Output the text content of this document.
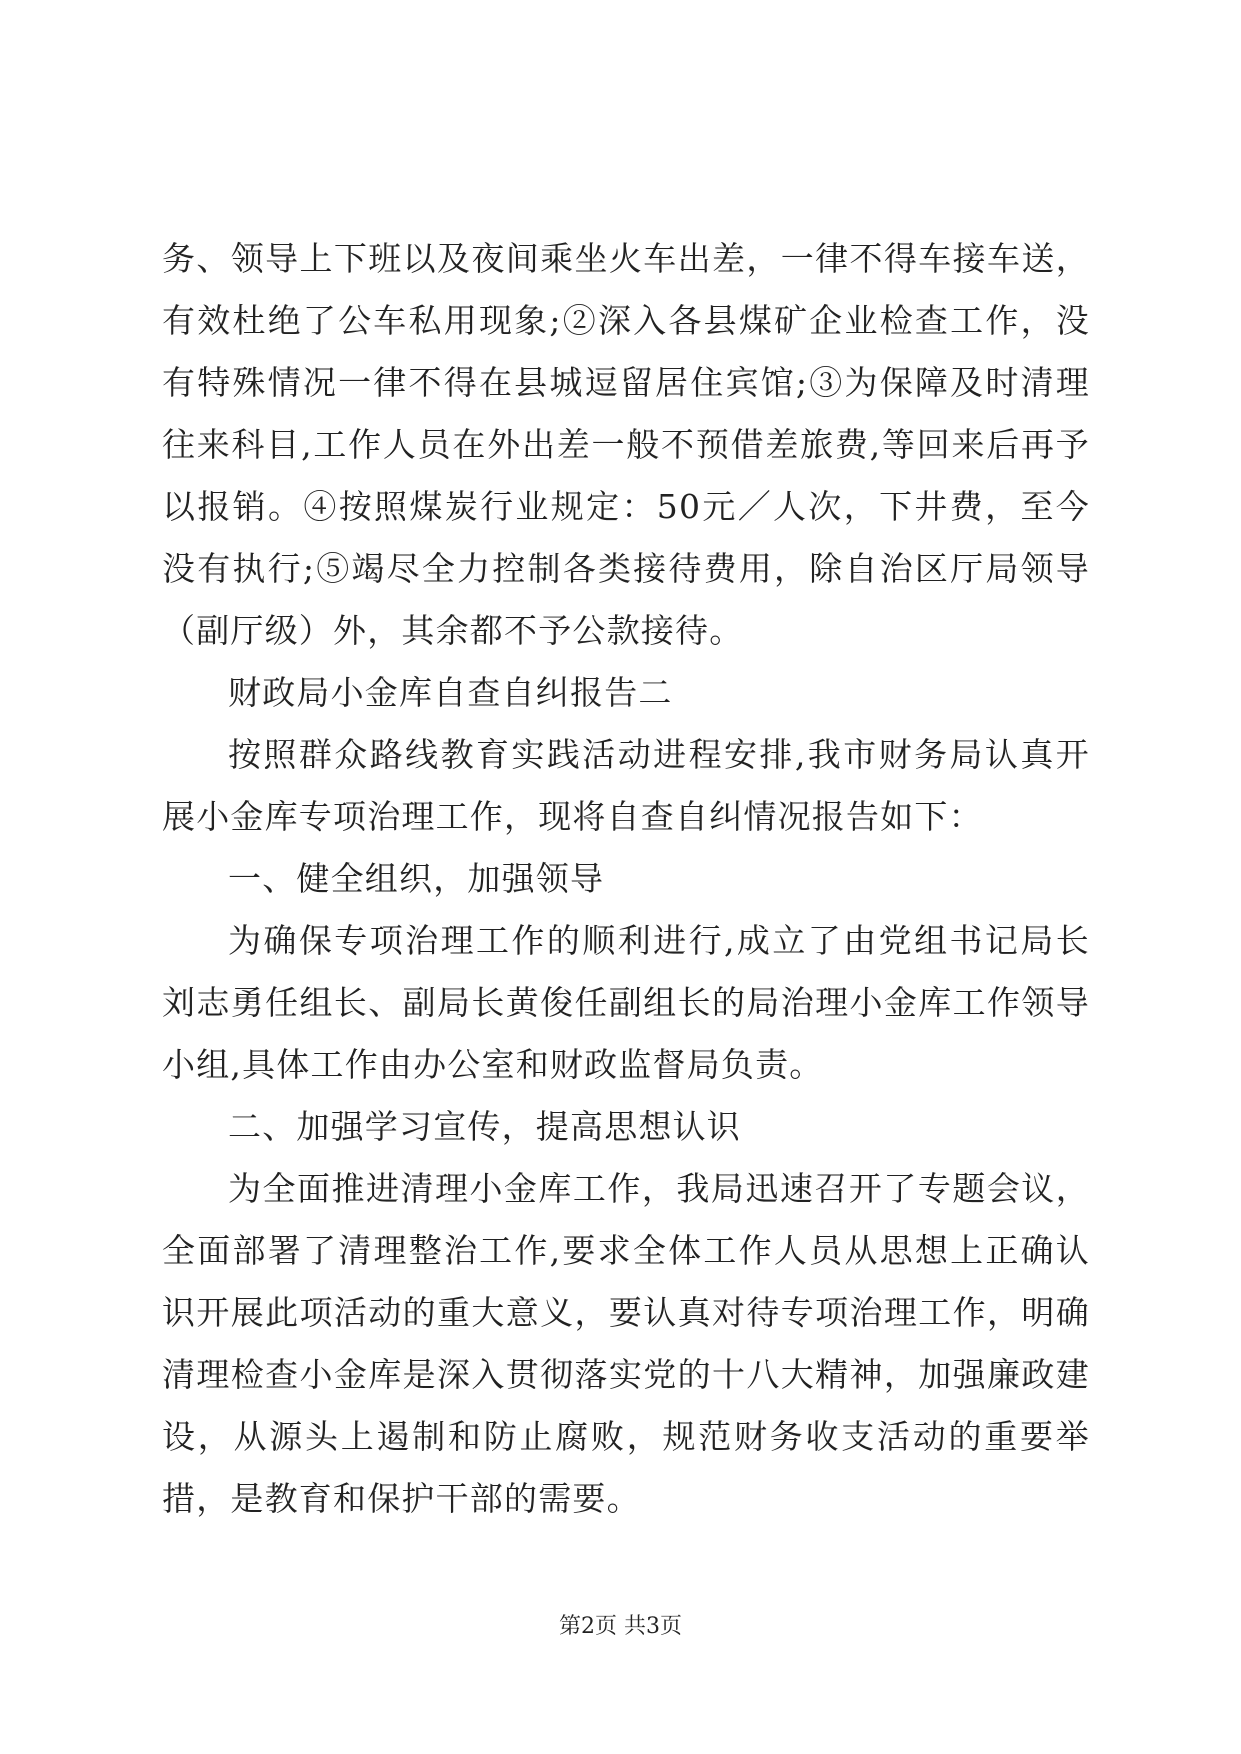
务、领导上下班以及夜间乘坐火车出差，一律不得车接车送，有效杜绝了公车私用现象;②深入各县煤矿企业检查工作，没有特殊情况一律不得在县城逗留居住宾馆;③为保障及时清理往来科目,工作人员在外出差一般不预借差旅费,等回来后再予以报销。④按照煤炭行业规定：50元／人次，下井费，至今没有执行;⑤竭尽全力控制各类接待费用，除自治区厅局领导（副厅级）外，其余都不予公款接待。

财政局小金库自查自纠报告二

按照群众路线教育实践活动进程安排,我市财务局认真开展小金库专项治理工作，现将自查自纠情况报告如下：

一、健全组织，加强领导

为确保专项治理工作的顺利进行,成立了由党组书记局长刘志勇任组长、副局长黄俊任副组长的局治理小金库工作领导小组,具体工作由办公室和财政监督局负责。

二、加强学习宣传，提高思想认识

为全面推进清理小金库工作，我局迅速召开了专题会议，全面部署了清理整治工作,要求全体工作人员从思想上正确认识开展此项活动的重大意义，要认真对待专项治理工作，明确清理检查小金库是深入贯彻落实党的十八大精神，加强廉政建设，从源头上遏制和防止腐败，规范财务收支活动的重要举措，是教育和保护干部的需要。

第2页 共3页
